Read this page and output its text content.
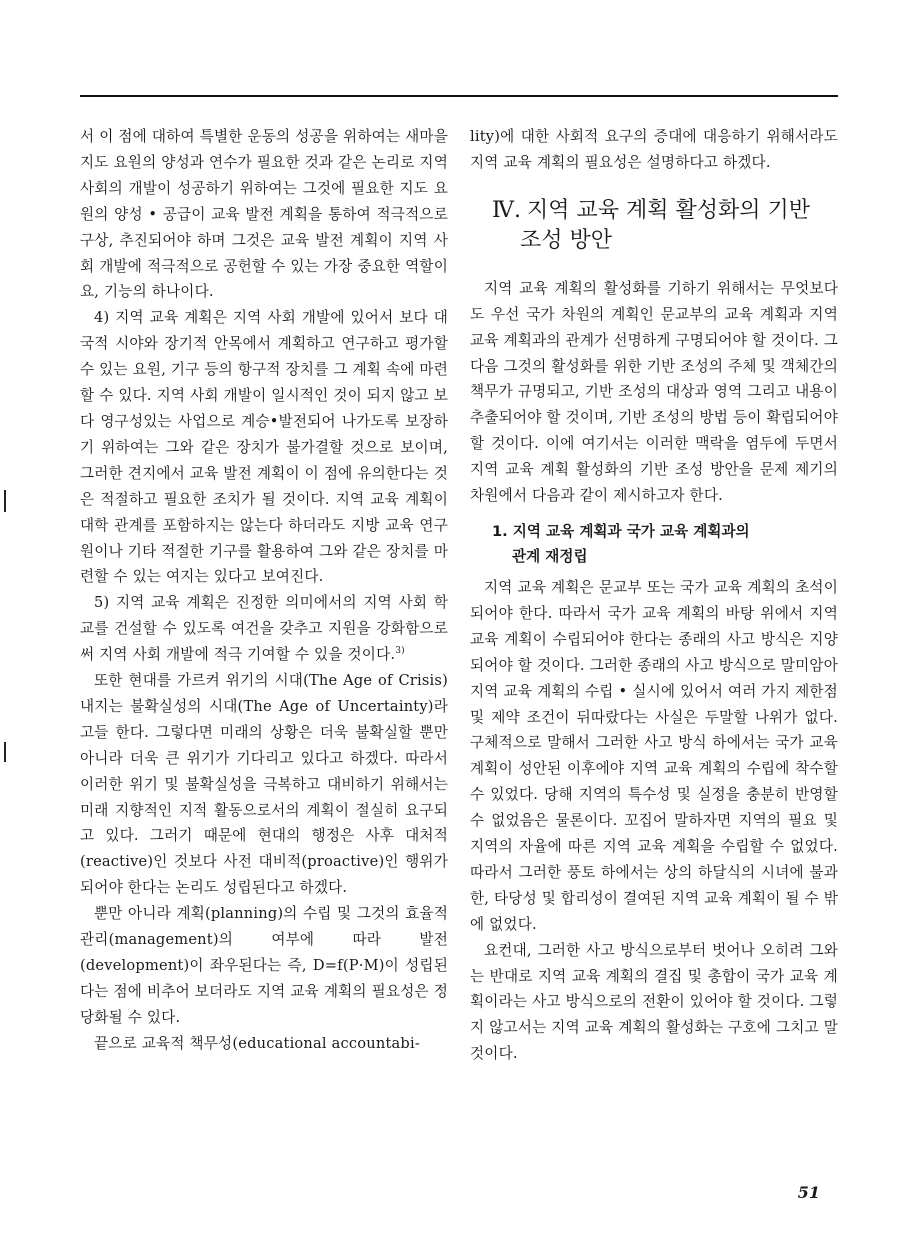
서 이 점에 대하여 특별한 운동의 성공을 위하여는 새마을 지도 요원의 양성과 연수가 필요한 것과 같은 논리로 지역 사회의 개발이 성공하기 위하여는 그것에 필요한 지도 요원의 양성 • 공급이 교육 발전 계획을 통하여 적극적으로 구상, 추진되어야 하며 그것은 교육 발전 계획이 지역 사회 개발에 적극적으로 공헌할 수 있는 가장 중요한 역할이요, 기능의 하나이다.

4) 지역 교육 계획은 지역 사회 개발에 있어서 보다 대국적 시야와 장기적 안목에서 계획하고 연구하고 평가할 수 있는 요원, 기구 등의 항구적 장치를 그 계획 속에 마련할 수 있다. 지역 사회 개발이 일시적인 것이 되지 않고 보다 영구성있는 사업으로 계승•발전되어 나가도록 보장하기 위하여는 그와 같은 장치가 불가결할 것으로 보이며, 그러한 견지에서 교육 발전 계획이 이 점에 유의한다는 것은 적절하고 필요한 조치가 될 것이다. 지역 교육 계획이 대학 관계를 포함하지는 않는다 하더라도 지방 교육 연구원이나 기타 적절한 기구를 활용하여 그와 같은 장치를 마련할 수 있는 여지는 있다고 보여진다.

5) 지역 교육 계획은 진정한 의미에서의 지역 사회 학교를 건설할 수 있도록 여건을 갖추고 지원을 강화함으로써 지역 사회 개발에 적극 기여할 수 있을 것이다.$^{3)}$

또한 현대를 가르켜 위기의 시대(The Age of Crisis) 내지는 불확실성의 시대(The Age of Uncertainty)라고들 한다. 그렇다면 미래의 상황은 더욱 불확실할 뿐만 아니라 더욱 큰 위기가 기다리고 있다고 하겠다. 따라서 이러한 위기 및 불확실성을 극복하고 대비하기 위해서는 미래 지향적인 지적 활동으로서의 계획이 절실히 요구되고 있다. 그러기 때문에 현대의 행정은 사후 대처적(reactive)인 것보다 사전 대비적(proactive)인 행위가 되어야 한다는 논리도 성립된다고 하겠다.

뿐만 아니라 계획(planning)의 수립 및 그것의 효율적 관리(management)의 여부에 따라 발전(development)이 좌우된다는 즉, D=f(P·M)이 성립된다는 점에 비추어 보더라도 지역 교육 계획의 필요성은 정당화될 수 있다.

끝으로 교육적 책무성(educational accountabi-

lity)에 대한 사회적 요구의 증대에 대응하기 위해서라도 지역 교육 계획의 필요성은 설명하다고 하겠다.

Ⅳ. 지역 교육 계획 활성화의 기반
조성 방안

지역 교육 계획의 활성화를 기하기 위해서는 무엇보다도 우선 국가 차원의 계획인 문교부의 교육 계획과 지역 교육 계획과의 관계가 선명하게 구명되어야 할 것이다. 그 다음 그것의 활성화를 위한 기반 조성의 주체 및 객체간의 책무가 규명되고, 기반 조성의 대상과 영역 그리고 내용이 추출되어야 할 것이며, 기반 조성의 방법 등이 확립되어야 할 것이다. 이에 여기서는 이러한 맥락을 염두에 두면서 지역 교육 계획 활성화의 기반 조성 방안을 문제 제기의 차원에서 다음과 같이 제시하고자 한다.

1. 지역 교육 계획과 국가 교육 계획과의
관계 재정립

지역 교육 계획은 문교부 또는 국가 교육 계획의 초석이 되어야 한다. 따라서 국가 교육 계획의 바탕 위에서 지역 교육 계획이 수립되어야 한다는 종래의 사고 방식은 지양되어야 할 것이다. 그러한 종래의 사고 방식으로 말미암아 지역 교육 계획의 수립 • 실시에 있어서 여러 가지 제한점 및 제약 조건이 뒤따랐다는 사실은 두말할 나위가 없다. 구체적으로 말해서 그러한 사고 방식 하에서는 국가 교육 계획이 성안된 이후에야 지역 교육 계획의 수립에 착수할 수 있었다. 당해 지역의 특수성 및 실정을 충분히 반영할 수 없었음은 물론이다. 꼬집어 말하자면 지역의 필요 및 지역의 자율에 따른 지역 교육 계획을 수립할 수 없었다. 따라서 그러한 풍토 하에서는 상의 하달식의 시녀에 불과한, 타당성 및 합리성이 결여된 지역 교육 계획이 될 수 밖에 없었다.

요컨대, 그러한 사고 방식으로부터 벗어나 오히려 그와는 반대로 지역 교육 계획의 결집 및 총합이 국가 교육 계획이라는 사고 방식으로의 전환이 있어야 할 것이다. 그렇지 않고서는 지역 교육 계획의 활성화는 구호에 그치고 말 것이다.

51
